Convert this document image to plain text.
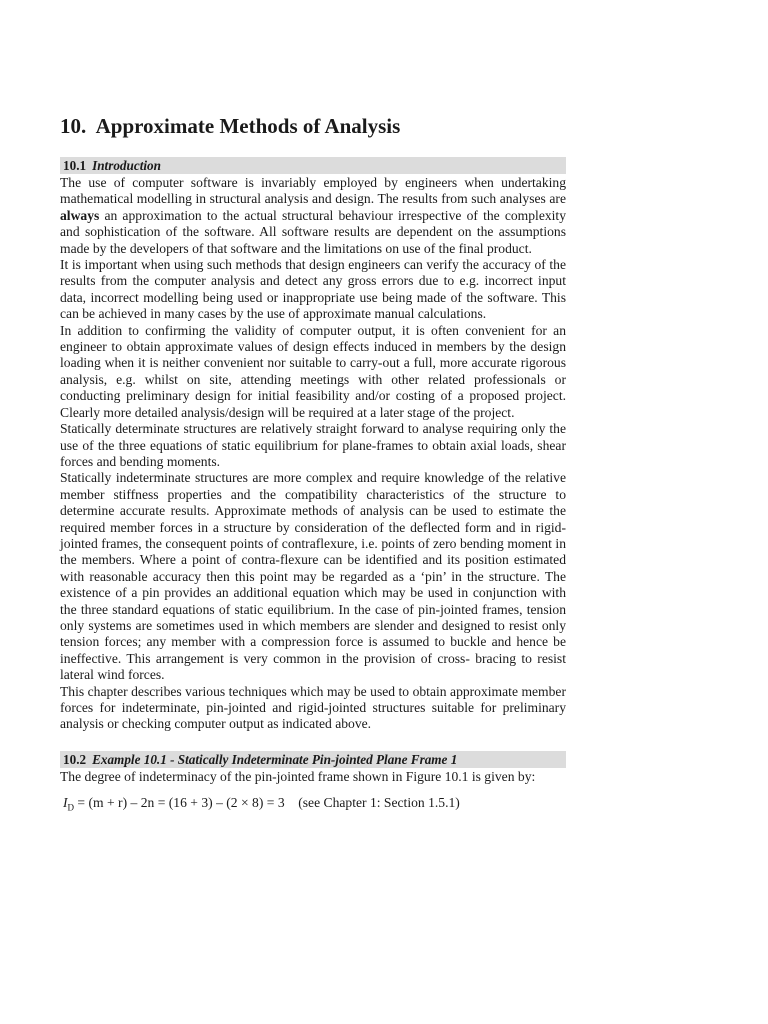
10. Approximate Methods of Analysis
10.1 Introduction

The use of computer software is invariably employed by engineers when undertaking mathematical modelling in structural analysis and design. The results from such analyses are always an approximation to the actual structural behaviour irrespective of the complexity and sophistication of the software. All software results are dependent on the assumptions made by the developers of that software and the limitations on use of the final product.

It is important when using such methods that design engineers can verify the accuracy of the results from the computer analysis and detect any gross errors due to e.g. incorrect input data, incorrect modelling being used or inappropriate use being made of the software. This can be achieved in many cases by the use of approximate manual calculations.

In addition to confirming the validity of computer output, it is often convenient for an engineer to obtain approximate values of design effects induced in members by the design loading when it is neither convenient nor suitable to carry-out a full, more accurate rigorous analysis, e.g. whilst on site, attending meetings with other related professionals or conducting preliminary design for initial feasibility and/or costing of a proposed project. Clearly more detailed analysis/design will be required at a later stage of the project.

Statically determinate structures are relatively straight forward to analyse requiring only the use of the three equations of static equilibrium for plane-frames to obtain axial loads, shear forces and bending moments.

Statically indeterminate structures are more complex and require knowledge of the relative member stiffness properties and the compatibility characteristics of the structure to determine accurate results. Approximate methods of analysis can be used to estimate the required member forces in a structure by consideration of the deflected form and in rigid-jointed frames, the consequent points of contraflexure, i.e. points of zero bending moment in the members. Where a point of contra-flexure can be identified and its position estimated with reasonable accuracy then this point may be regarded as a ‘pin’ in the structure. The existence of a pin provides an additional equation which may be used in conjunction with the three standard equations of static equilibrium. In the case of pin-jointed frames, tension only systems are sometimes used in which members are slender and designed to resist only tension forces; any member with a compression force is assumed to buckle and hence be ineffective. This arrangement is very common in the provision of cross- bracing to resist lateral wind forces.

This chapter describes various techniques which may be used to obtain approximate member forces for indeterminate, pin-jointed and rigid-jointed structures suitable for preliminary analysis or checking computer output as indicated above.

10.2 Example 10.1 - Statically Indeterminate Pin-jointed Plane Frame 1

The degree of indeterminacy of the pin-jointed frame shown in Figure 10.1 is given by:

$I_D = (m + r) - 2n = (16 + 3) - (2 \times 8) = 3$ (see Chapter 1: Section 1.5.1)
